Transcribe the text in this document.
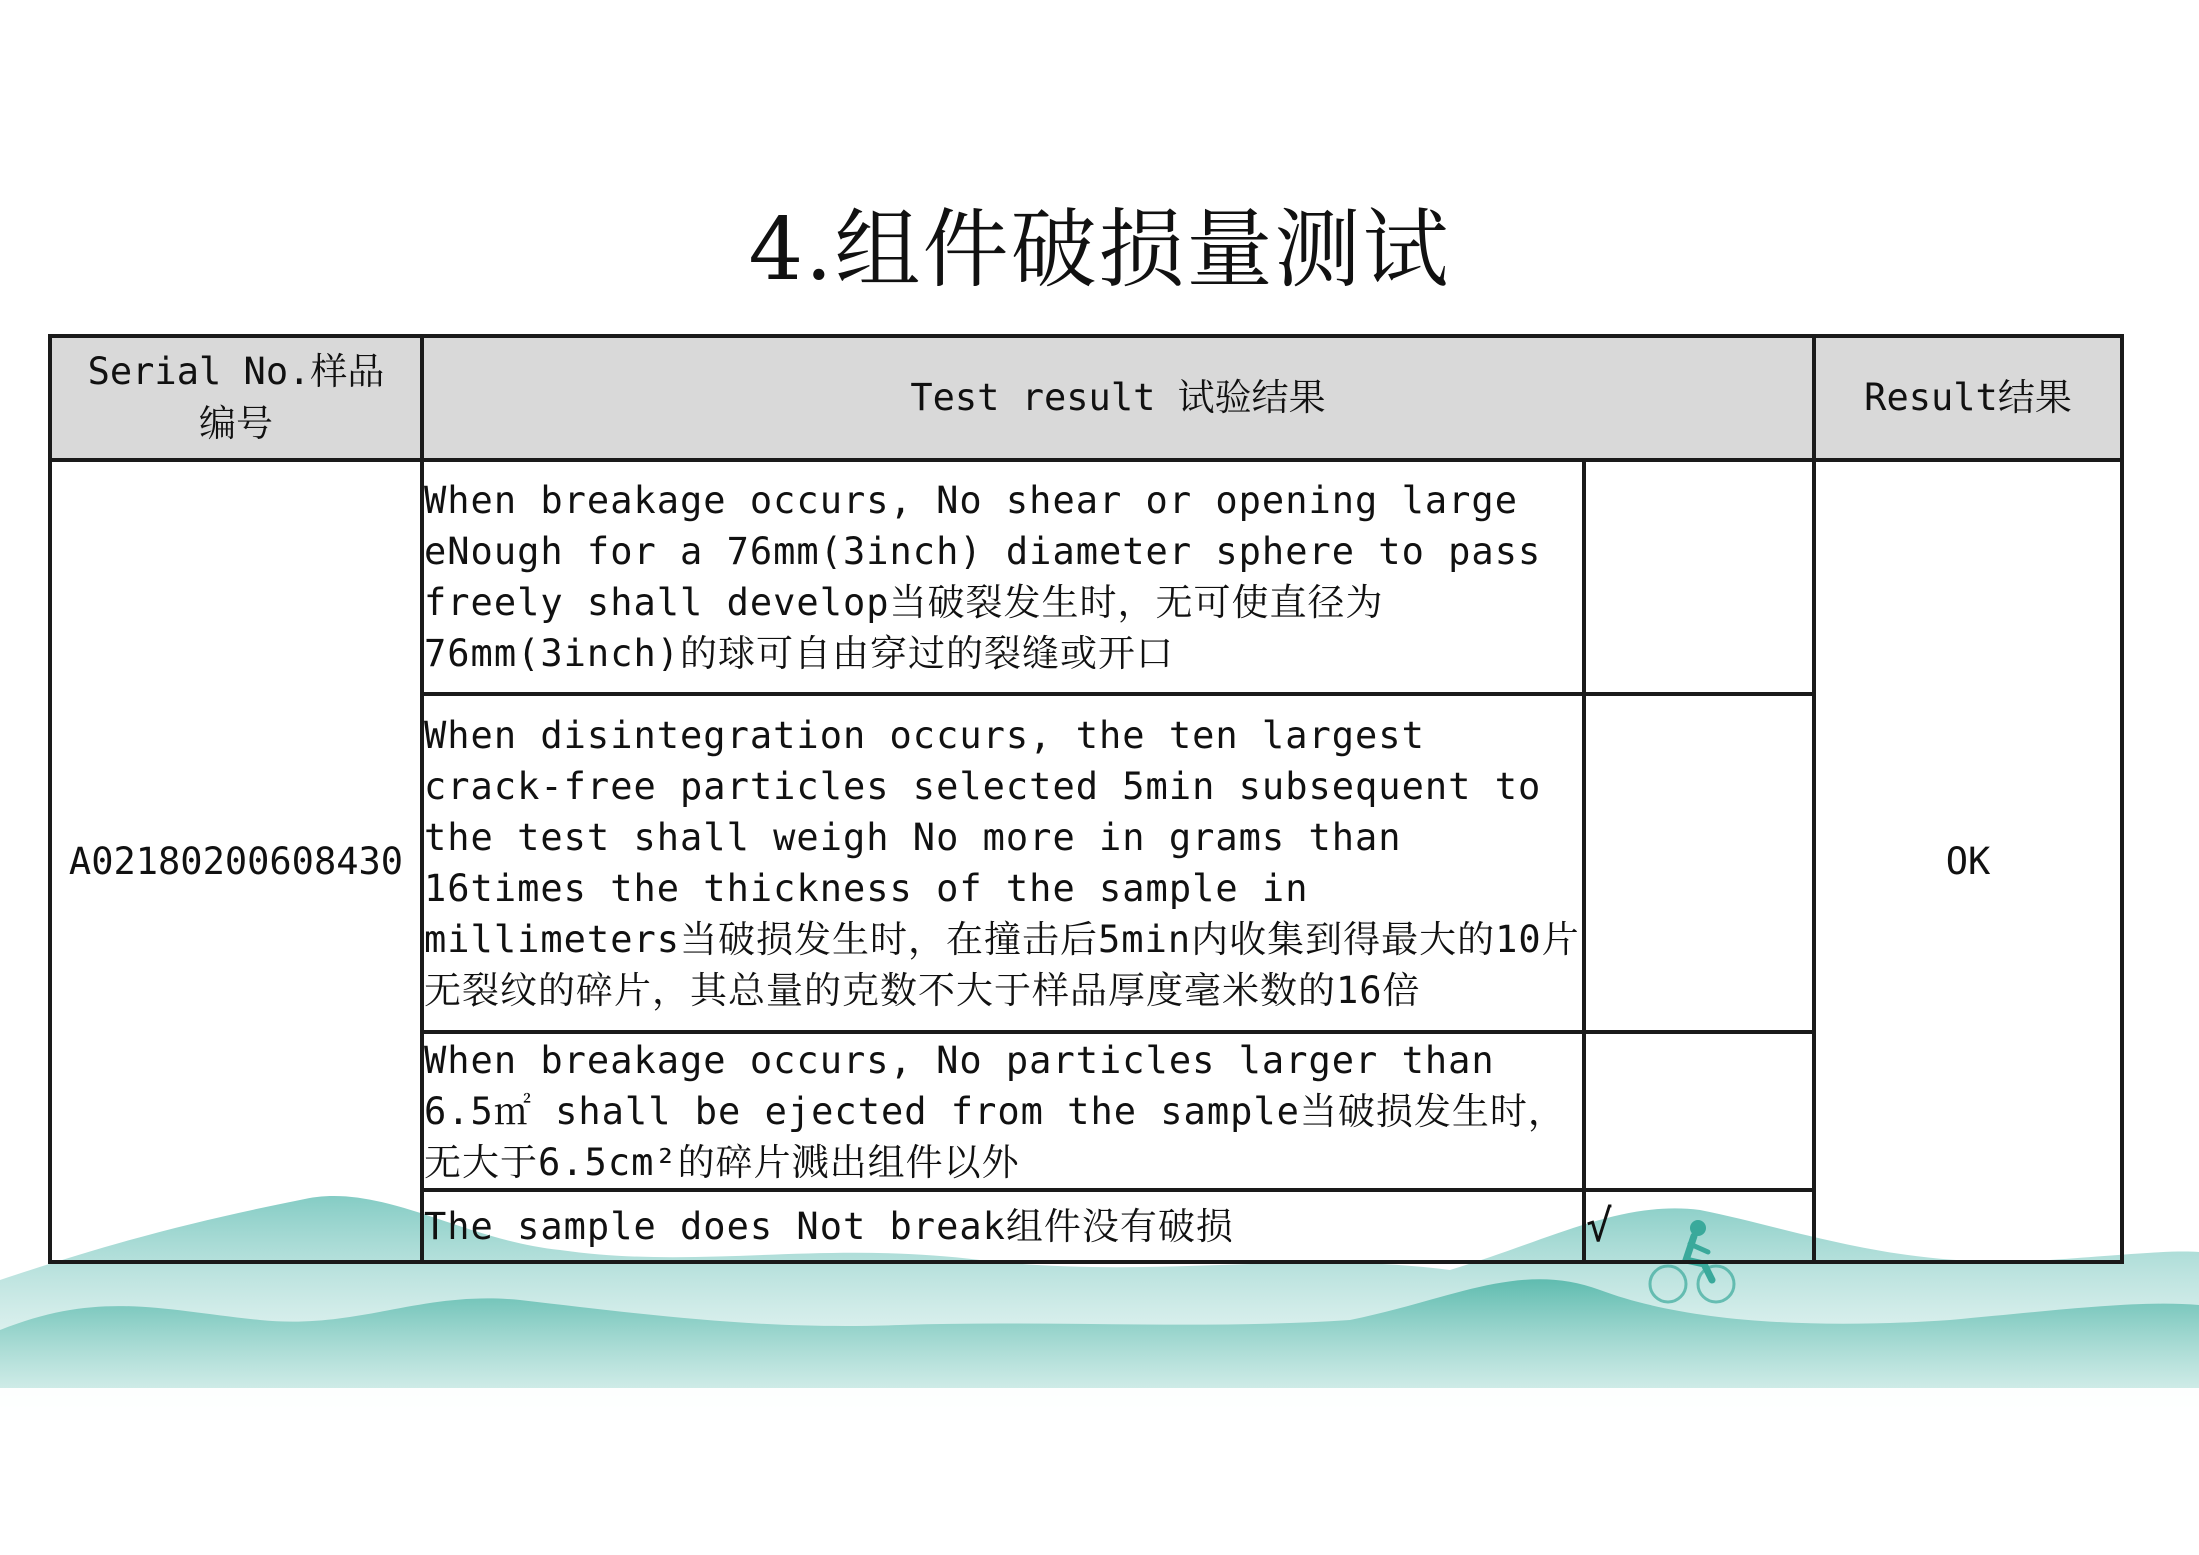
4.组件破损量测试
Serial No.样品编号	Test result 试验结果		Result结果
A02180200608430	When breakage occurs, No shear or opening large eNough for a 76mm(3inch) diameter sphere to pass freely shall develop当破裂发生时，无可使直径为76mm(3inch)的球可自由穿过的裂缝或开口		OK
	When disintegration occurs, the ten largest crack-free particles selected 5min subsequent to the test shall weigh No more in grams than 16times the thickness of the sample in millimeters当破损发生时，在撞击后5min内收集到得最大的10片无裂纹的碎片，其总量的克数不大于样品厚度毫米数的16倍		
	When breakage occurs, No particles larger than 6.5㎡ shall be ejected from the sample当破损发生时，无大于6.5cm²的碎片溅出组件以外		
	The sample does Not break组件没有破损	√	
